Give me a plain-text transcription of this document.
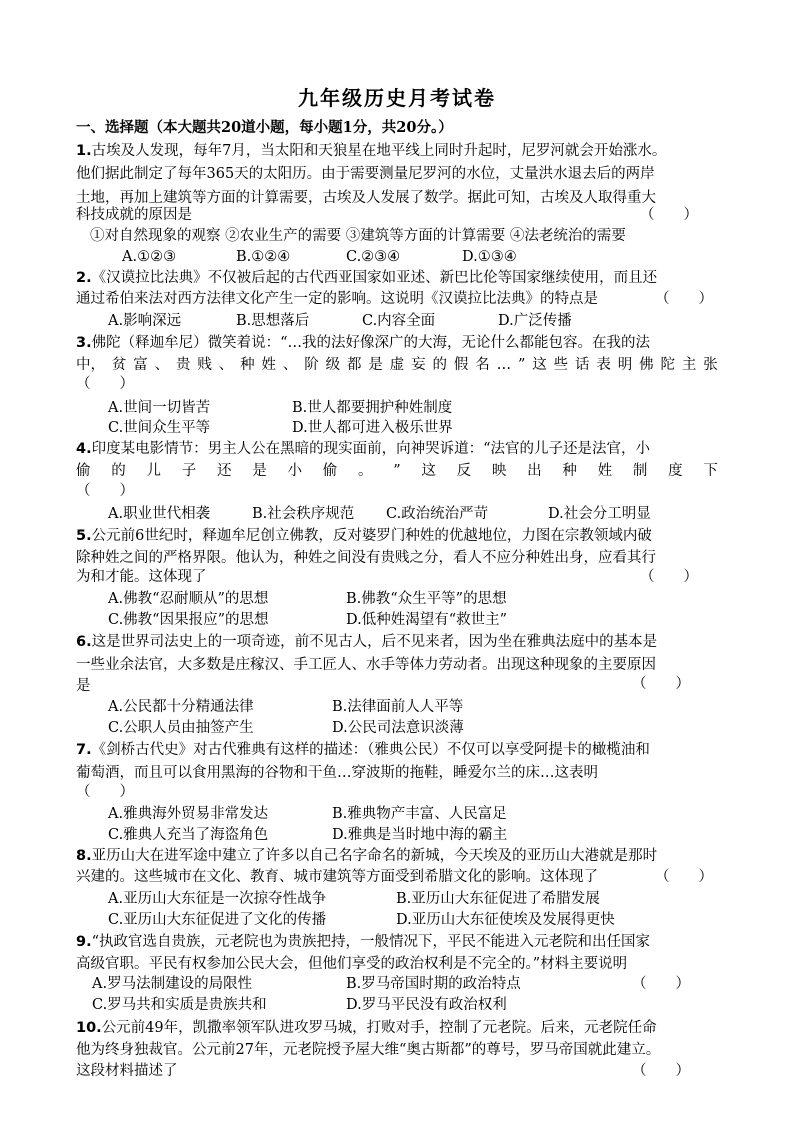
九年级历史月考试卷
一、选择题（本大题共20道小题，每小题1分，共20分。）
1.古埃及人发现，每年7月，当太阳和天狼星在地平线上同时升起时，尼罗河就会开始涨水。
他们据此制定了每年365天的太阳历。由于需要测量尼罗河的水位，丈量洪水退去后的两岸
土地，再加上建筑等方面的计算需要，古埃及人发展了数学。据此可知，古埃及人取得重大
科技成就的原因是	（　　）
①对自然现象的观察 ②农业生产的需要 ③建筑等方面的计算需要 ④法老统治的需要
A.①②③	B.①②④	C.②③④	D.①③④
2.《汉谟拉比法典》不仅被后起的古代西亚国家如亚述、新巴比伦等国家继续使用，而且还
通过希伯来法对西方法律文化产生一定的影响。这说明《汉谟拉比法典》的特点是	（　　）
A.影响深远	B.思想落后	C.内容全面	D.广泛传播
3.佛陀（释迦牟尼）微笑着说：“…我的法好像深广的大海，无论什么都能包容。在我的法
中， 贫 富 、 贵 贱 、 种 姓 、 阶 级 都 是 虚 妄 的 假 名 … ” 这 些 话 表 明 佛 陀 主 张
（　　）
A.世间一切皆苦	B.世人都要拥护种姓制度
C.世间众生平等	D.世人都可进入极乐世界
4.印度某电影情节：男主人公在黑暗的现实面前，向神哭诉道：“法官的儿子还是法官，小
偷 的 儿 子 还 是 小 偷 。 ” 这 反 映 出 种 姓 制 度 下
（　　）
A.职业世代相袭	B.社会秩序规范 C.政治统治严苛	D.社会分工明显
5.公元前6世纪时，释迦牟尼创立佛教，反对婆罗门种姓的优越地位，力图在宗教领域内破
除种姓之间的严格界限。他认为，种姓之间没有贵贱之分，看人不应分种姓出身，应看其行
为和才能。这体现了	（　　）
A.佛教“忍耐顺从”的思想	B.佛教“众生平等”的思想
C.佛教“因果报应”的思想	D.低种姓渴望有“救世主”
6.这是世界司法史上的一项奇迹，前不见古人，后不见来者，因为坐在雅典法庭中的基本是
一些业余法官，大多数是庄稼汉、手工匠人、水手等体力劳动者。出现这种现象的主要原因
是	（　　）
A.公民都十分精通法律	B.法律面前人人平等
C.公职人员由抽签产生	D.公民司法意识淡薄
7.《剑桥古代史》对古代雅典有这样的描述：（雅典公民）不仅可以享受阿提卡的橄榄油和
葡萄酒，而且可以食用黑海的谷物和干鱼…穿波斯的拖鞋，睡爱尔兰的床…这表明
（　　）
A.雅典海外贸易非常发达	B.雅典物产丰富、人民富足
C.雅典人充当了海盗角色	D.雅典是当时地中海的霸主
8.亚历山大在进军途中建立了许多以自己名字命名的新城，今天埃及的亚历山大港就是那时
兴建的。这些城市在文化、教育、城市建筑等方面受到希腊文化的影响。这体现了	（　　）
A.亚历山大东征是一次掠夺性战争	B.亚历山大东征促进了希腊发展
C.亚历山大东征促进了文化的传播	D.亚历山大东征使埃及发展得更快
9.“执政官选自贵族，元老院也为贵族把持，一般情况下，平民不能进入元老院和出任国家
高级官职。平民有权参加公民大会，但他们享受的政治权利是不完全的。”材料主要说明
A.罗马法制建设的局限性	B.罗马帝国时期的政治特点	（　　）
C.罗马共和实质是贵族共和	D.罗马平民没有政治权利
10.公元前49年，凯撒率领军队进攻罗马城，打败对手，控制了元老院。后来，元老院任命
他为终身独裁官。公元前27年，元老院授予屋大维“奥古斯都”的尊号，罗马帝国就此建立。
这段材料描述了	（　　）
